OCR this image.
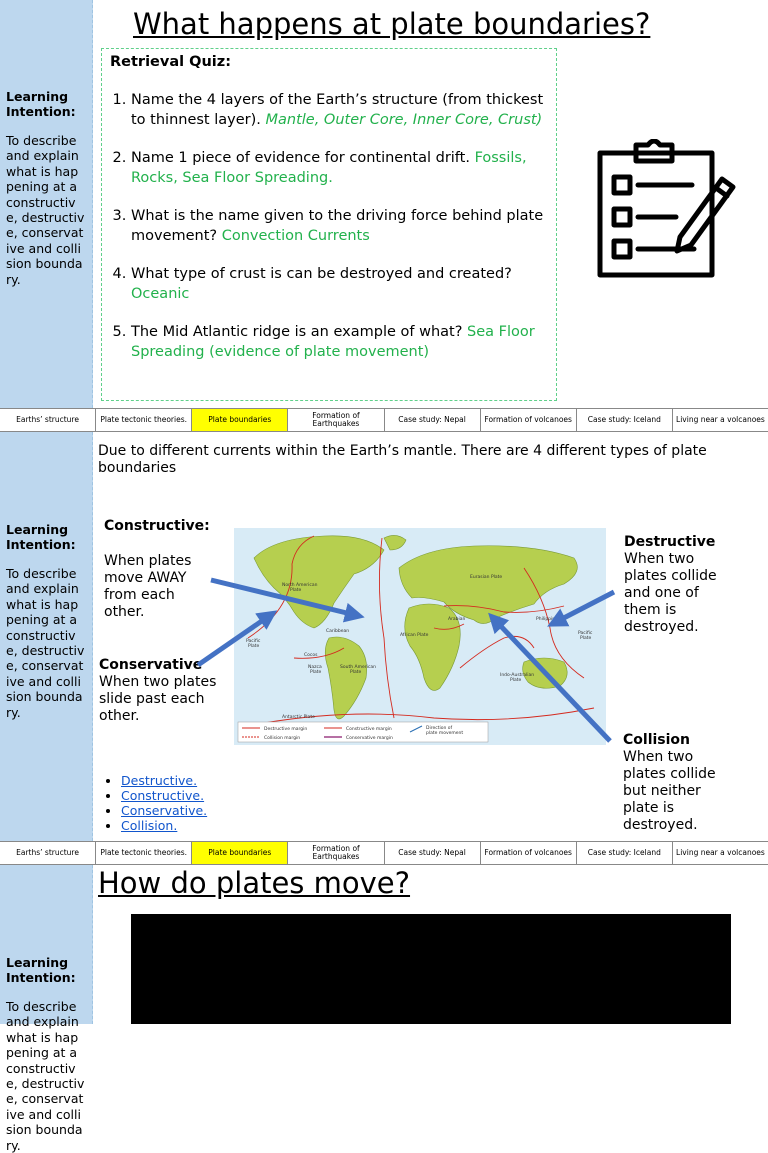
Learning Intention:
To describe and explain what is happening at a constructive, destructive, conservative and collision boundary.
What happens at plate boundaries?
Retrieval Quiz:
1. Name the 4 layers of the Earth’s structure (from thickest to thinnest layer). Mantle, Outer Core, Inner Core, Crust)
2. Name 1 piece of evidence for continental drift. Fossils, Rocks, Sea Floor Spreading.
3. What is the name given to the driving force behind plate movement? Convection Currents
4. What type of crust is can be destroyed and created? Oceanic
5. The Mid Atlantic ridge is an example of what? Sea Floor Spreading (evidence of plate movement)
Earths’ structure	Plate tectonic theories.	Plate boundaries	Formation of Earthquakes	Case study: Nepal	Formation of volcanoes	Case study: Iceland	Living near a volcanoes
Learning Intention:
To describe and explain what is happening at a constructive, destructive, conservative and collision boundary.
Due to different currents within the Earth’s mantle. There are 4 different types of plate boundaries
Constructive:
When plates move AWAY from each other.
Conservative
When two plates slide past each other.
Destructive
When two plates collide and one of them is destroyed.
Collision
When two plates collide but neither plate is destroyed.
North American
Plate
Eurasian Plate
Pacific
Plate
Caribbean
Cocos
Nazca
Plate
South American
Plate
African Plate
Arabian
Indo-Australian
Plate
Pacific
Plate
Philippine
Antarctic Plate
Destructive margin
Collision margin
Constructive margin
Conservative margin
Direction of
plate movement
• Destructive.
• Constructive.
• Conservative.
• Collision.
Earths’ structure	Plate tectonic theories.	Plate boundaries	Formation of Earthquakes	Case study: Nepal	Formation of volcanoes	Case study: Iceland	Living near a volcanoes
Learning Intention:
To describe and explain what is happening at a constructive, destructive, conservative and collision boundary.
How do plates move?
